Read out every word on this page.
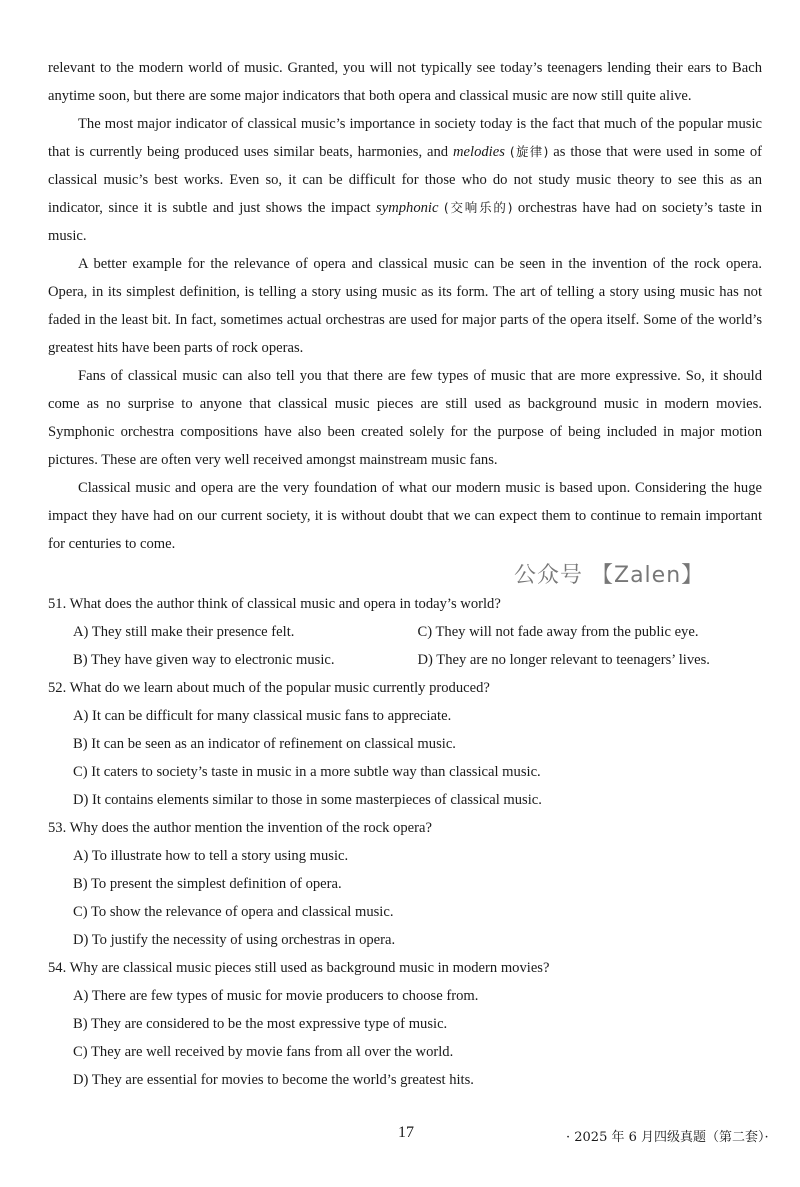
relevant to the modern world of music. Granted, you will not typically see today’s teenagers lending their ears to Bach anytime soon, but there are some major indicators that both opera and classical music are now still quite alive.

The most major indicator of classical music’s importance in society today is the fact that much of the popular music that is currently being produced uses similar beats, harmonies, and melodies (旋律) as those that were used in some of classical music’s best works. Even so, it can be difficult for those who do not study music theory to see this as an indicator, since it is subtle and just shows the impact symphonic (交响乐的) orchestras have had on society’s taste in music.

A better example for the relevance of opera and classical music can be seen in the invention of the rock opera. Opera, in its simplest definition, is telling a story using music as its form. The art of telling a story using music has not faded in the least bit. In fact, sometimes actual orchestras are used for major parts of the opera itself. Some of the world’s greatest hits have been parts of rock operas.

Fans of classical music can also tell you that there are few types of music that are more expressive. So, it should come as no surprise to anyone that classical music pieces are still used as background music in modern movies. Symphonic orchestra compositions have also been created solely for the purpose of being included in major motion pictures. These are often very well received amongst mainstream music fans.

Classical music and opera are the very foundation of what our modern music is based upon. Considering the huge impact they have had on our current society, it is without doubt that we can expect them to continue to remain important for centuries to come.

公众号 【Zalen】
51. What does the author think of classical music and opera in today’s world?
A) They still make their presence felt.	C) They will not fade away from the public eye.
B) They have given way to electronic music.	D) They are no longer relevant to teenagers’ lives.
52. What do we learn about much of the popular music currently produced?
A) It can be difficult for many classical music fans to appreciate.
B) It can be seen as an indicator of refinement on classical music.
C) It caters to society’s taste in music in a more subtle way than classical music.
D) It contains elements similar to those in some masterpieces of classical music.
53. Why does the author mention the invention of the rock opera?
A) To illustrate how to tell a story using music.
B) To present the simplest definition of opera.
C) To show the relevance of opera and classical music.
D) To justify the necessity of using orchestras in opera.
54. Why are classical music pieces still used as background music in modern movies?
A) There are few types of music for movie producers to choose from.
B) They are considered to be the most expressive type of music.
C) They are well received by movie fans from all over the world.
D) They are essential for movies to become the world’s greatest hits.
17	· 2025 年 6 月四级真题（第二套）·
